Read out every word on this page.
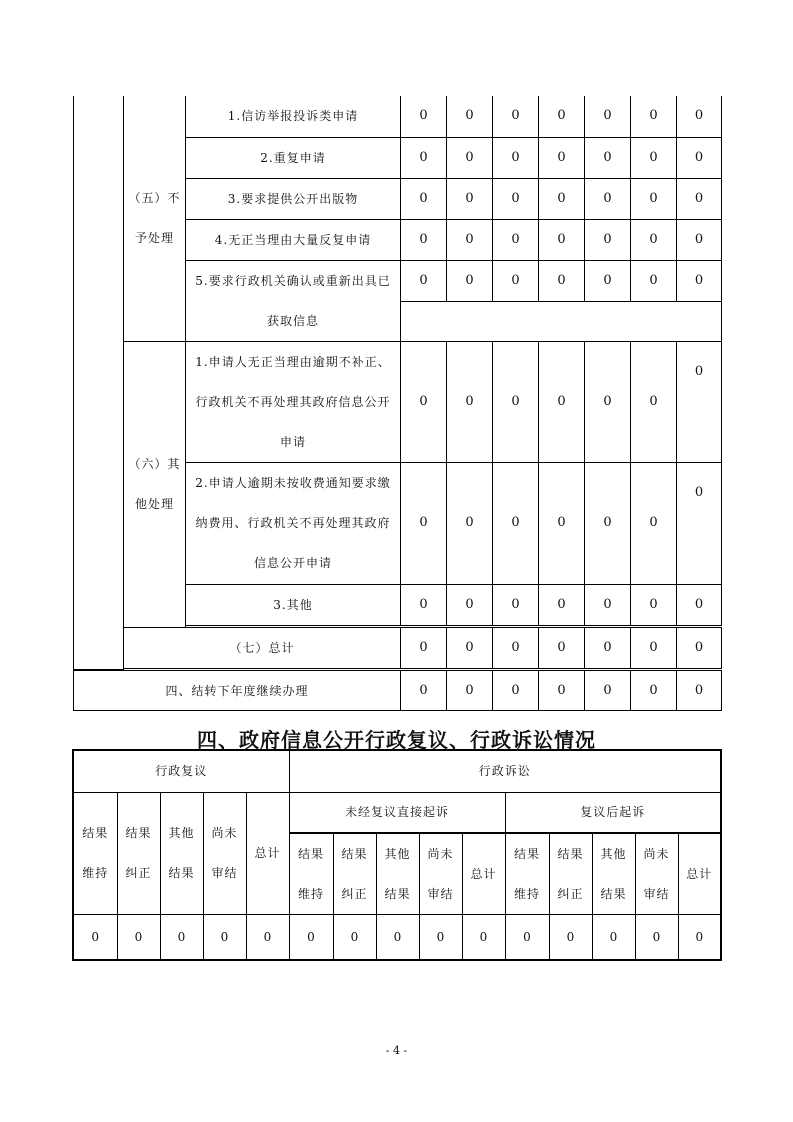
	（五）不予处理	1.信访举报投诉类申请	0	0	0	0	0	0	0
		2.重复申请	0	0	0	0	0	0	0
		3.要求提供公开出版物	0	0	0	0	0	0	0
		4.无正当理由大量反复申请	0	0	0	0	0	0	0

		5.要求行政机关确认或重新出具已获取信息	0	0	0	0	0	0	0

	（六）其他处理	1.申请人无正当理由逾期不补正、行政机关不再处理其政府信息公开申请	0	0	0	0	0	0	0

		2.申请人逾期未按收费通知要求缴纳费用、行政机关不再处理其政府信息公开申请	0	0	0	0	0	0	0
		3.其他	0	0	0	0	0	0	0

	（七）总计		0	0	0	0	0	0	0

四、结转下年度继续办理			0	0	0	0	0	0	0
四、政府信息公开行政复议、行政诉讼情况
行政复议					行政诉讼									

结果维持	结果纠正	其他结果	尚未审结	总计	未经复议直接起诉					复议后起诉				

					结果维持	结果纠正	其他结果	尚未审结	总计	结果维持	结果纠正	其他结果	尚未审结	总计

0	0	0	0	0	0	0	0	0	0	0	0	0	0	0
- 4 -
